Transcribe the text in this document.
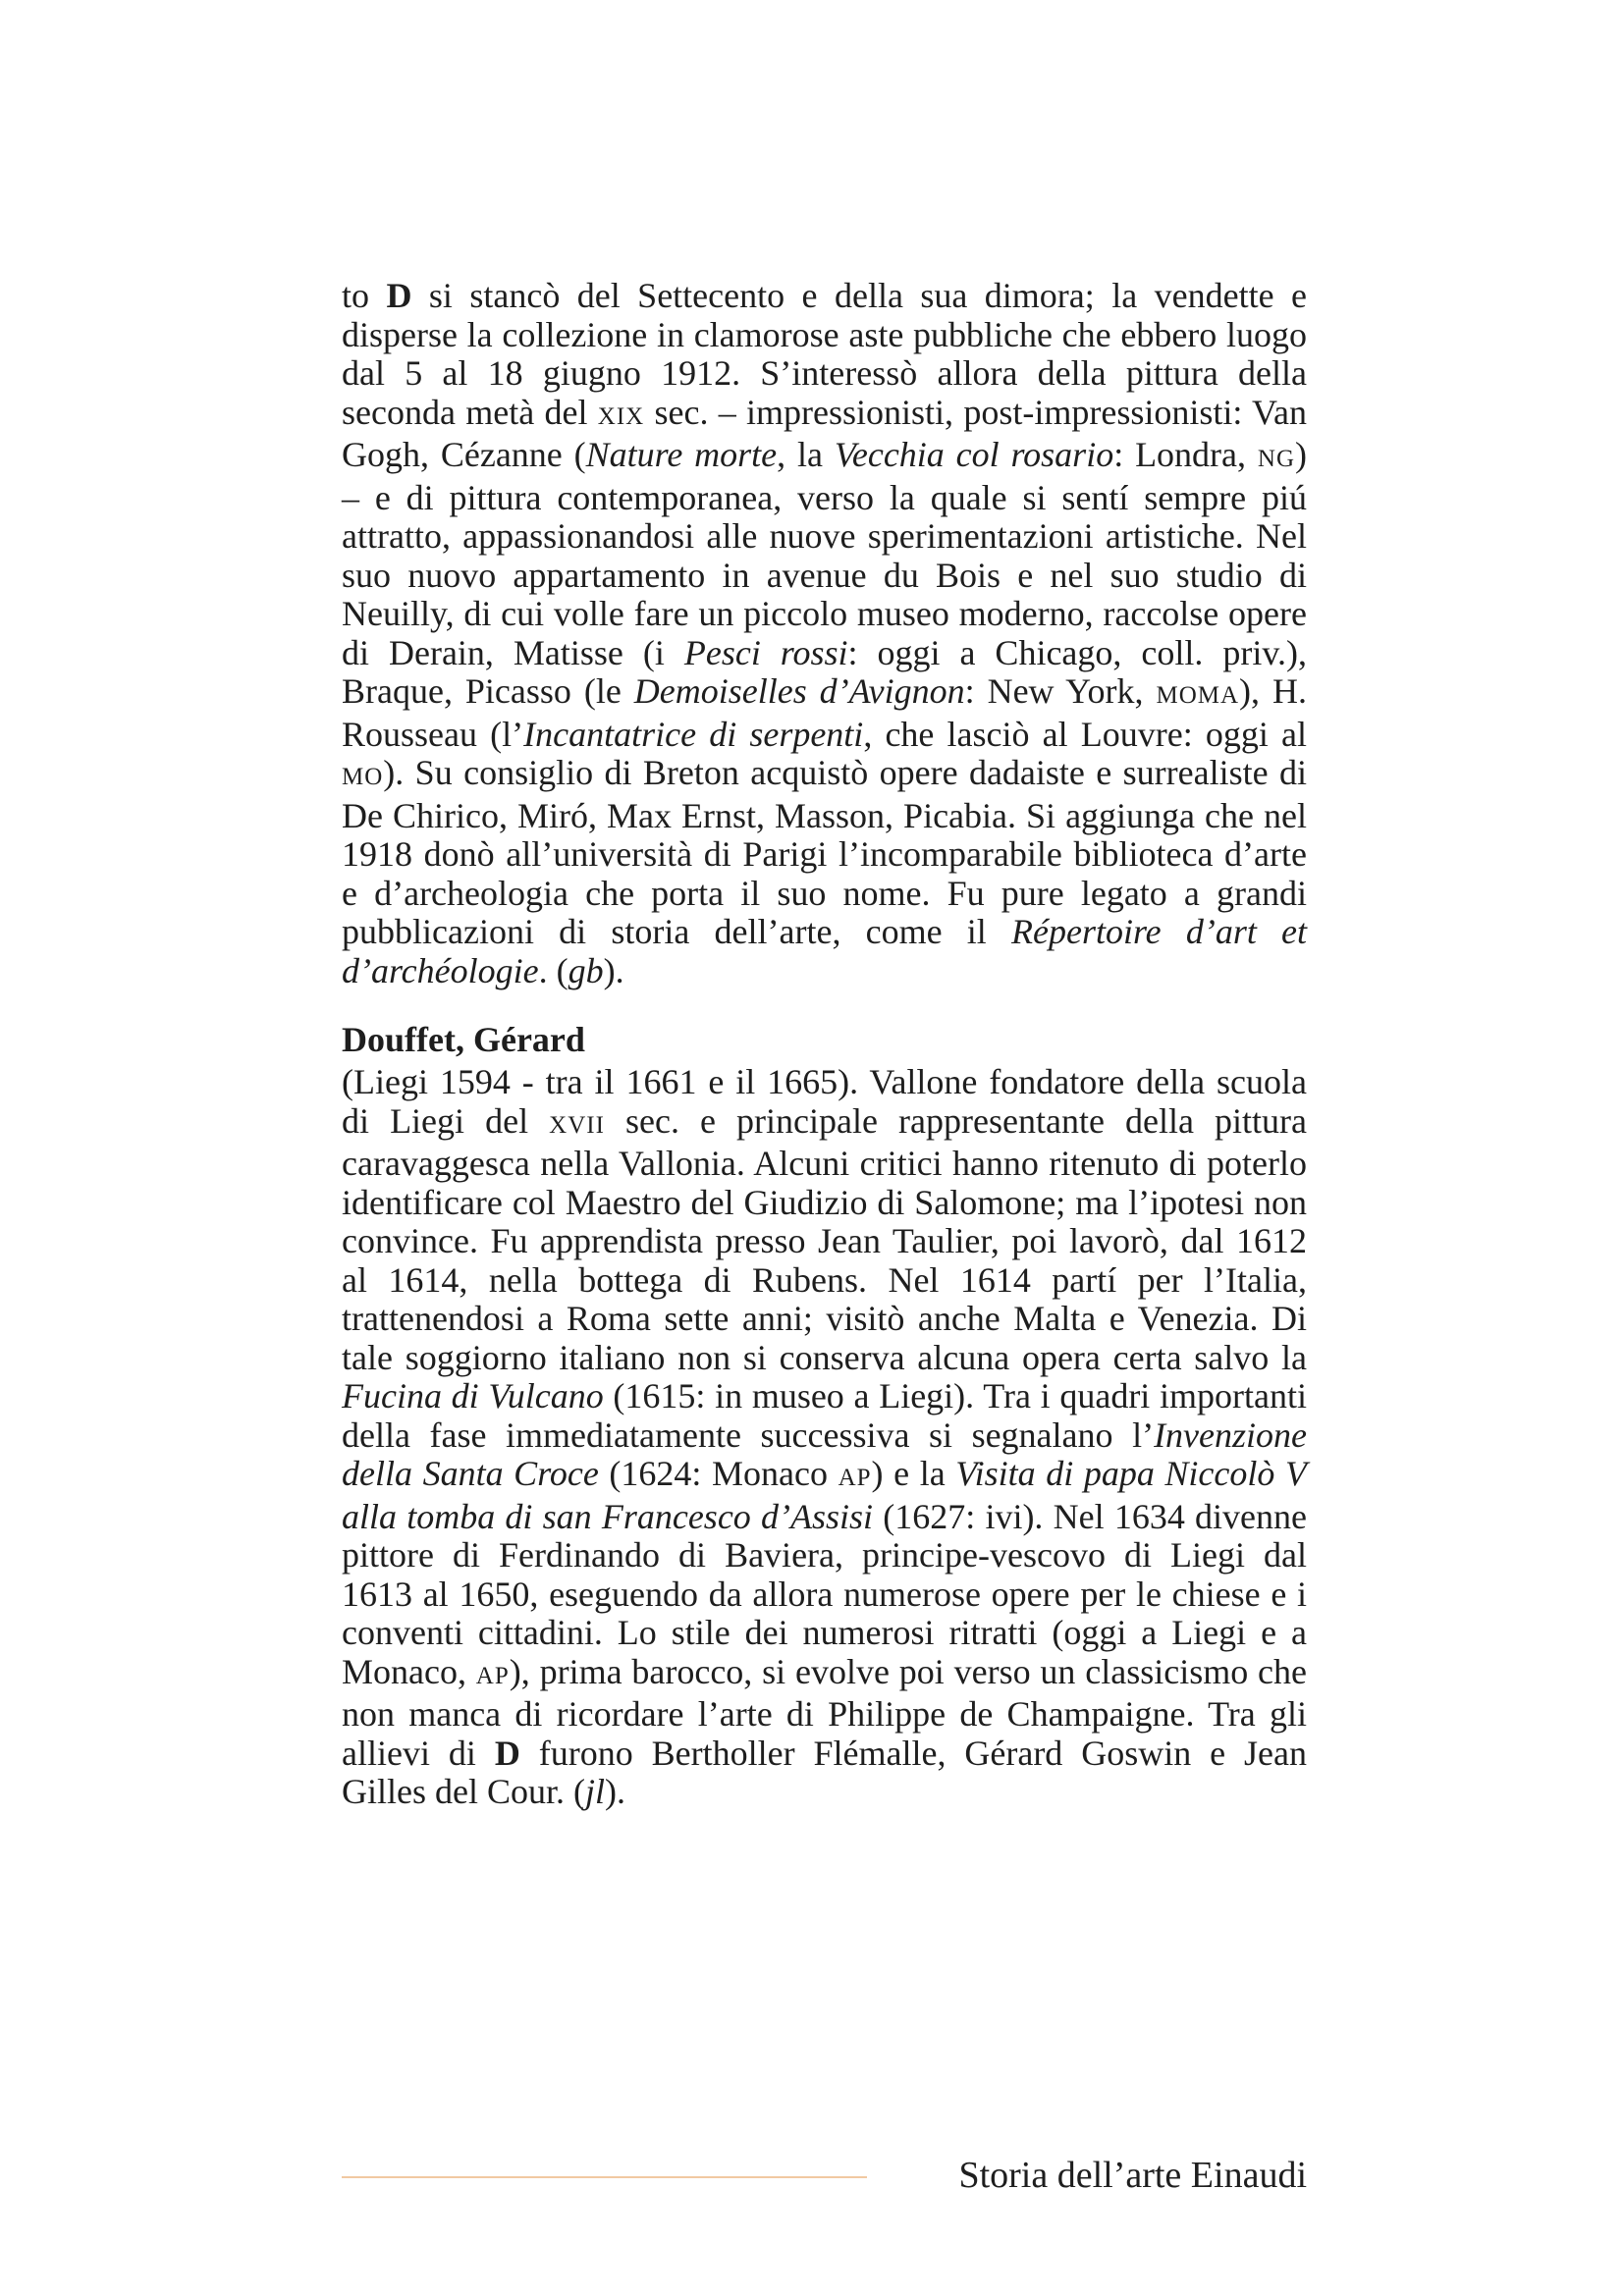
to D si stancò del Settecento e della sua dimora; la vendette e disperse la collezione in clamorose aste pubbliche che ebbero luogo dal 5 al 18 giugno 1912. S’interessò allora della pittura della seconda metà del XIX sec. – impressionisti, post-impressionisti: Van Gogh, Cézanne (Nature morte, la Vecchia col rosario: Londra, NG) – e di pittura contemporanea, verso la quale si sentí sempre piú attratto, appassionandosi alle nuove sperimentazioni artistiche. Nel suo nuovo appartamento in avenue du Bois e nel suo studio di Neuilly, di cui volle fare un piccolo museo moderno, raccolse opere di Derain, Matisse (i Pesci rossi: oggi a Chicago, coll. priv.), Braque, Picasso (le Demoiselles d’Avignon: New York, MOMA), H. Rousseau (l’Incantatrice di serpenti, che lasciò al Louvre: oggi al MO). Su consiglio di Breton acquistò opere dadaiste e surrealiste di De Chirico, Miró, Max Ernst, Masson, Picabia. Si aggiunga che nel 1918 donò all’università di Parigi l’incomparabile biblioteca d’arte e d’archeologia che porta il suo nome. Fu pure legato a grandi pubblicazioni di storia dell’arte, come il Répertoire d’art et d’archéologie. (gb).

Douffet, Gérard

(Liegi 1594 - tra il 1661 e il 1665). Vallone fondatore della scuola di Liegi del XVII sec. e principale rappresentante della pittura caravaggesca nella Vallonia. Alcuni critici hanno ritenuto di poterlo identificare col Maestro del Giudizio di Salomone; ma l’ipotesi non convince. Fu apprendista presso Jean Taulier, poi lavorò, dal 1612 al 1614, nella bottega di Rubens. Nel 1614 partí per l’Italia, trattenendosi a Roma sette anni; visitò anche Malta e Venezia. Di tale soggiorno italiano non si conserva alcuna opera certa salvo la Fucina di Vulcano (1615: in museo a Liegi). Tra i quadri importanti della fase immediatamente successiva si segnalano l’Invenzione della Santa Croce (1624: Monaco AP) e la Visita di papa Niccolò V alla tomba di san Francesco d’Assisi (1627: ivi). Nel 1634 divenne pittore di Ferdinando di Baviera, principe-vescovo di Liegi dal 1613 al 1650, eseguendo da allora numerose opere per le chiese e i conventi cittadini. Lo stile dei numerosi ritratti (oggi a Liegi e a Monaco, AP), prima barocco, si evolve poi verso un classicismo che non manca di ricordare l’arte di Philippe de Champaigne. Tra gli allievi di D furono Bertholler Flémalle, Gérard Goswin e Jean Gilles del Cour. (jl).

Storia dell’arte Einaudi
